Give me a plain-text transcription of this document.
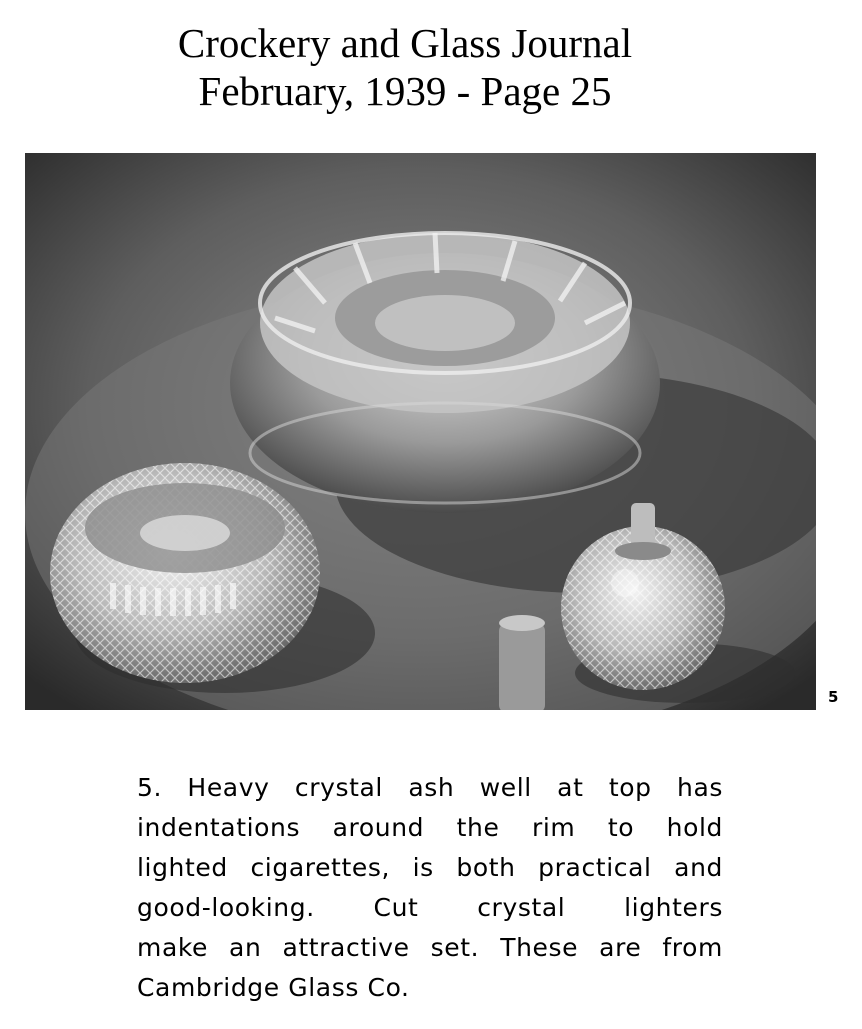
Crockery and Glass Journal
February, 1939 - Page 25
5
5. Heavy crystal ash well at top has
indentations around the rim to hold
lighted cigarettes, is both practical and
good-looking. Cut crystal lighters
make an attractive set. These are from
Cambridge Glass Co.
